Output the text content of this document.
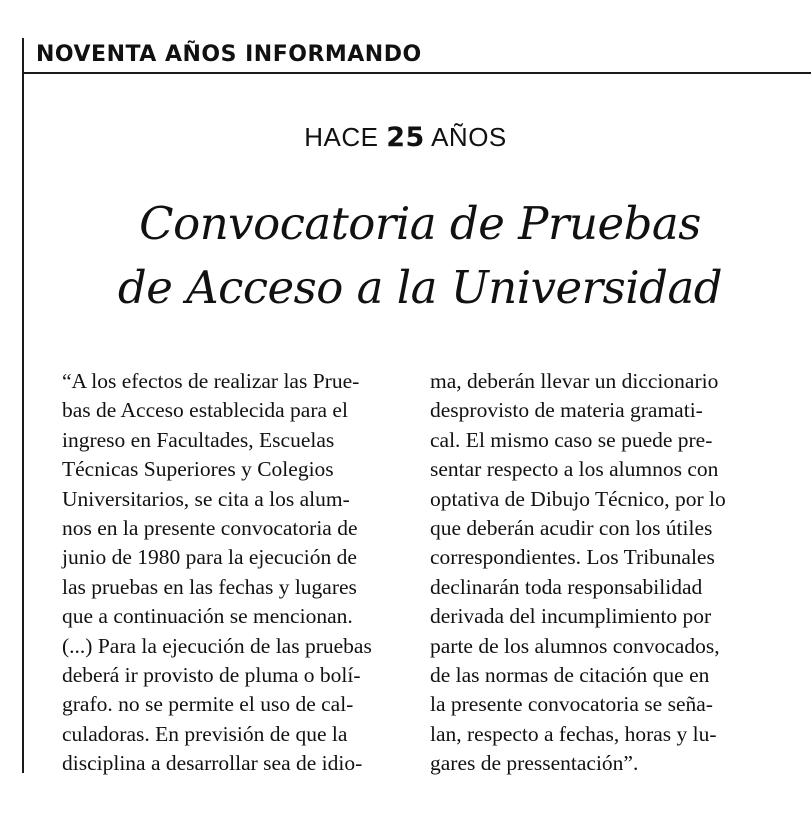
NOVENTA AÑOS INFORMANDO
HACE 25 AÑOS
Convocatoria de Pruebas
de Acceso a la Universidad
“A los efectos de realizar las Prue-
bas de Acceso establecida para el
ingreso en Facultades, Escuelas
Técnicas Superiores y Colegios
Universitarios, se cita a los alum-
nos en la presente convocatoria de
junio de 1980 para la ejecución de
las pruebas en las fechas y lugares
que a continuación se mencionan.
(...) Para la ejecución de las pruebas
deberá ir provisto de pluma o bolí-
grafo. no se permite el uso de cal-
culadoras. En previsión de que la
disciplina a desarrollar sea de idio-
ma, deberán llevar un diccionario
desprovisto de materia gramati-
cal. El mismo caso se puede pre-
sentar respecto a los alumnos con
optativa de Dibujo Técnico, por lo
que deberán acudir con los útiles
correspondientes. Los Tribunales
declinarán toda responsabilidad
derivada del incumplimiento por
parte de los alumnos convocados,
de las normas de citación que en
la presente convocatoria se seña-
lan, respecto a fechas, horas y lu-
gares de pressentación”.
